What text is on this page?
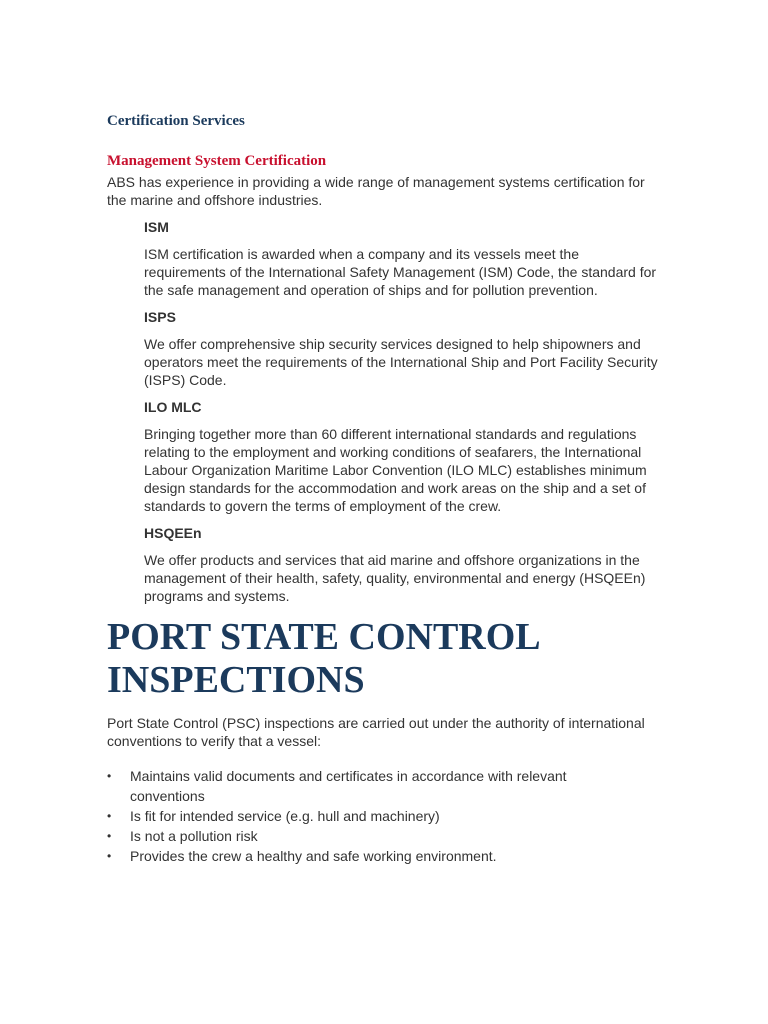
Certification Services
Management System Certification

ABS has experience in providing a wide range of management systems certification for the marine and offshore industries.

ISM

ISM certification is awarded when a company and its vessels meet the requirements of the International Safety Management (ISM) Code, the standard for the safe management and operation of ships and for pollution prevention.

ISPS

We offer comprehensive ship security services designed to help shipowners and operators meet the requirements of the International Ship and Port Facility Security (ISPS) Code.

ILO MLC

Bringing together more than 60 different international standards and regulations relating to the employment and working conditions of seafarers, the International Labour Organization Maritime Labor Convention (ILO MLC) establishes minimum design standards for the accommodation and work areas on the ship and a set of standards to govern the terms of employment of the crew.

HSQEEn

We offer products and services that aid marine and offshore organizations in the management of their health, safety, quality, environmental and energy (HSQEEn) programs and systems.

PORT STATE CONTROL INSPECTIONS

Port State Control (PSC) inspections are carried out under the authority of international conventions to verify that a vessel:

• Maintains valid documents and certificates in accordance with relevant conventions
• Is fit for intended service (e.g. hull and machinery)
• Is not a pollution risk
• Provides the crew a healthy and safe working environment.
